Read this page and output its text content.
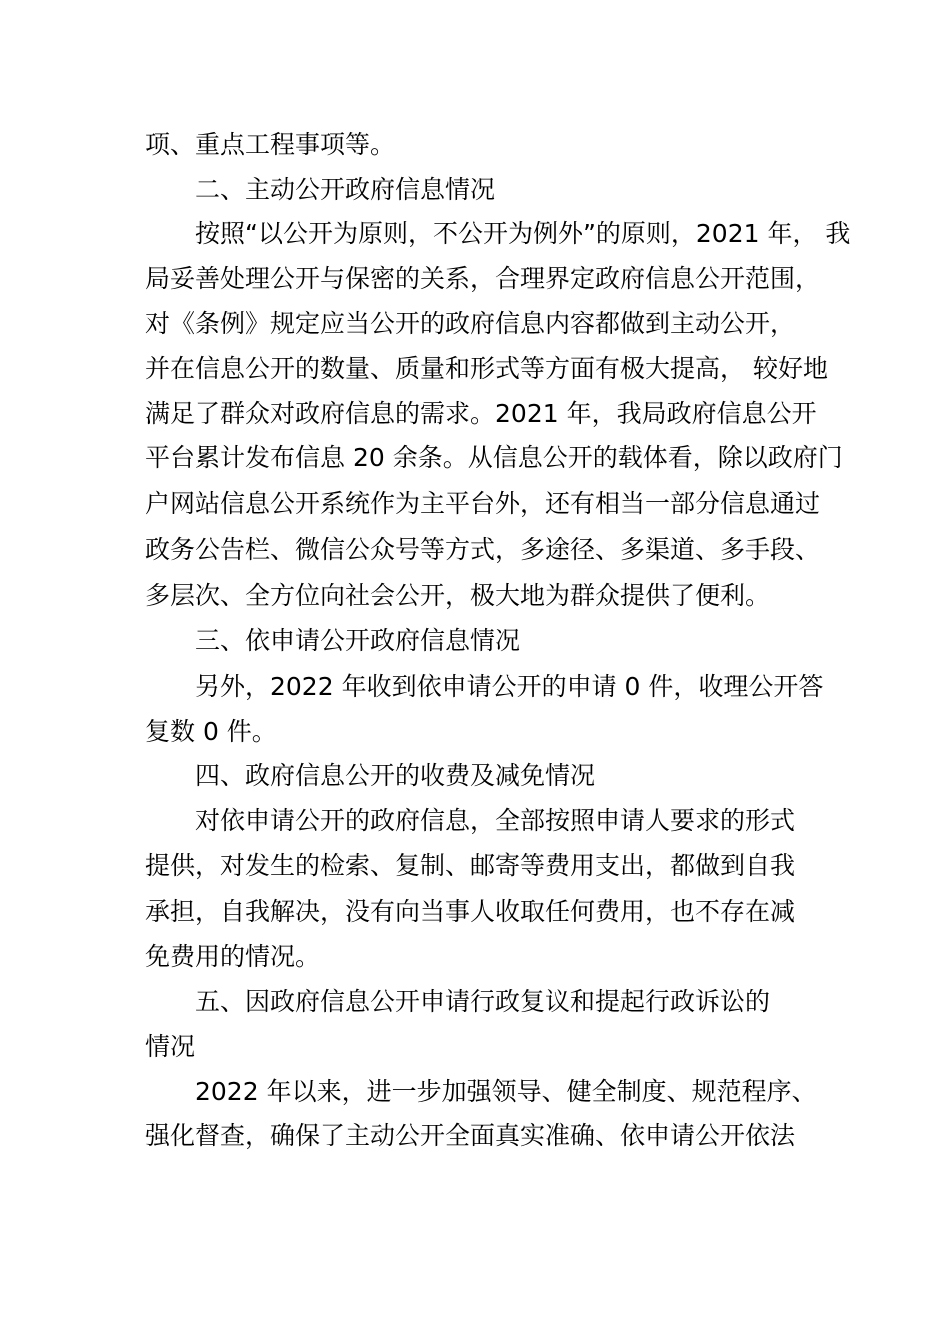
项、重点工程事项等。
二、主动公开政府信息情况
按照“以公开为原则，不公开为例外”的原则，2021 年， 我
局妥善处理公开与保密的关系，合理界定政府信息公开范围，
对《条例》规定应当公开的政府信息内容都做到主动公开，
并在信息公开的数量、质量和形式等方面有极大提高， 较好地
满足了群众对政府信息的需求。2021 年，我局政府信息公开
平台累计发布信息 20 余条。从信息公开的载体看，除以政府门
户网站信息公开系统作为主平台外，还有相当一部分信息通过
政务公告栏、微信公众号等方式，多途径、多渠道、多手段、
多层次、全方位向社会公开，极大地为群众提供了便利。
三、依申请公开政府信息情况
另外，2022 年收到依申请公开的申请 0 件，收理公开答
复数 0 件。
四、政府信息公开的收费及减免情况
对依申请公开的政府信息，全部按照申请人要求的形式
提供，对发生的检索、复制、邮寄等费用支出，都做到自我
承担，自我解决，没有向当事人收取任何费用，也不存在减
免费用的情况。
五、因政府信息公开申请行政复议和提起行政诉讼的
情况
2022 年以来，进一步加强领导、健全制度、规范程序、
强化督查，确保了主动公开全面真实准确、依申请公开依法
